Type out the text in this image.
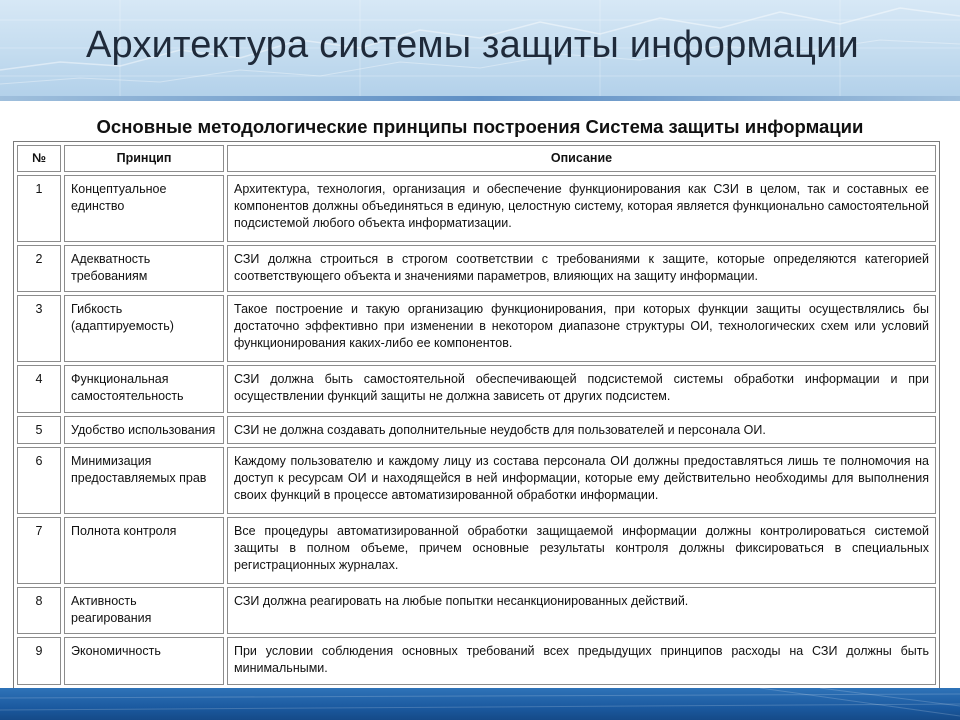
Архитектура системы защиты информации
Основные методологические принципы построения Система защиты информации
№	Принцип	Описание
1	Концептуальное единство	Архитектура, технология, организация и обеспечение функционирования как СЗИ в целом, так и составных ее компонентов должны объединяться в единую, целостную систему, которая является функционально самостоятельной подсистемой любого объекта информатизации.
2	Адекватность требованиям	СЗИ должна строиться в строгом соответствии с требованиями к защите, которые определяются категорией соответствующего объекта и значениями параметров, влияющих на защиту информации.
3	Гибкость (адаптируемость)	Такое построение и такую организацию функционирования, при которых функции защиты осуществлялись бы достаточно эффективно при изменении в некотором диапазоне структуры ОИ, технологических схем или условий функционирования каких-либо ее компонентов.
4	Функциональная самостоятельность	СЗИ должна быть самостоятельной обеспечивающей подсистемой системы обработки информации и при осуществлении функций защиты не должна зависеть от других подсистем.
5	Удобство использования	СЗИ не должна создавать дополнительные неудобств для пользователей и персонала ОИ.
6	Минимизация предоставляемых прав	Каждому пользователю и каждому лицу из состава персонала ОИ должны предоставляться лишь те полномочия на доступ к ресурсам ОИ и находящейся в ней информации, которые ему действительно необходимы для выполнения своих функций в процессе автоматизированной обработки информации.
7	Полнота контроля	Все процедуры автоматизированной обработки защищаемой информации должны контролироваться системой защиты в полном объеме, причем основные результаты контроля должны фиксироваться в специальных регистрационных журналах.
8	Активность реагирования	СЗИ должна реагировать на любые попытки несанкционированных действий.
9	Экономичность	При условии соблюдения основных требований всех предыдущих принципов расходы на СЗИ должны быть минимальными.
